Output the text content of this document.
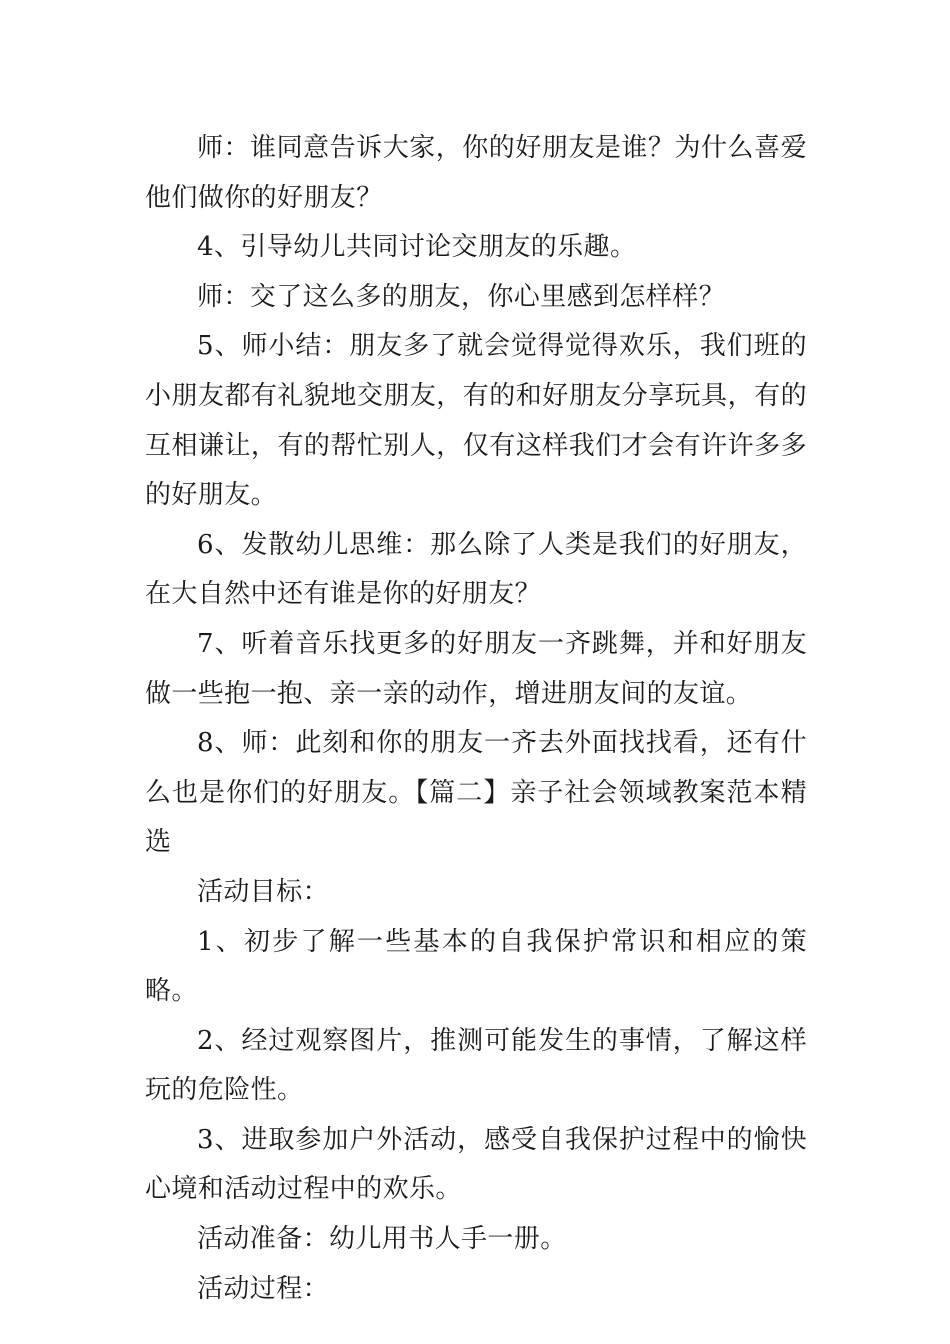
师：谁同意告诉大家，你的好朋友是谁？为什么喜爱他们做你的好朋友？

4、引导幼儿共同讨论交朋友的乐趣。

师：交了这么多的朋友，你心里感到怎样样？

5、师小结：朋友多了就会觉得觉得欢乐，我们班的小朋友都有礼貌地交朋友，有的和好朋友分享玩具，有的互相谦让，有的帮忙别人，仅有这样我们才会有许许多多的好朋友。

6、发散幼儿思维：那么除了人类是我们的好朋友，在大自然中还有谁是你的好朋友？

7、听着音乐找更多的好朋友一齐跳舞，并和好朋友做一些抱一抱、亲一亲的动作，增进朋友间的友谊。

8、师：此刻和你的朋友一齐去外面找找看，还有什么也是你们的好朋友。【篇二】亲子社会领域教案范本精选

活动目标：

1、初步了解一些基本的自我保护常识和相应的策略。

2、经过观察图片，推测可能发生的事情，了解这样玩的危险性。

3、进取参加户外活动，感受自我保护过程中的愉快心境和活动过程中的欢乐。

活动准备：幼儿用书人手一册。

活动过程：
